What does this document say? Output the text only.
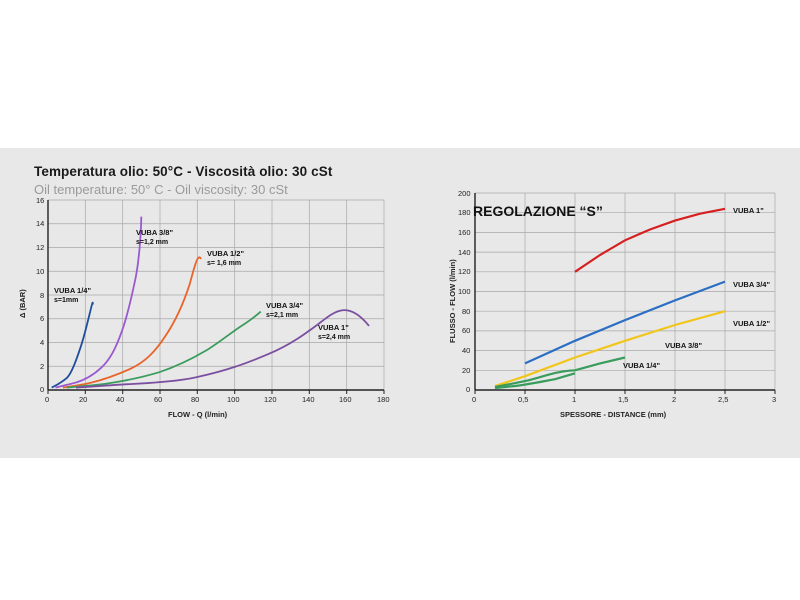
Temperatura olio: 50°C - Viscosità olio: 30 cSt
Oil temperature: 50° C - Oil viscosity: 30 cSt
16
14
12
10
8
6
4
2
0
0	20	40	60	80	100	120	140	160	180
FLOW - Q (l/min)
Δ (BAR)	VUBA 1/4"
s=1mm
VUBA 3/8"
s=1,2 mm
VUBA 1/2"
s= 1,6 mm
VUBA 3/4"
s=2,1 mm
VUBA 1"
s=2,4 mm
200
180
160
140
120
100
80
60
40
20
0
0	0,5	1	1,5	2	2,5	3
SPESSORE - DISTANCE (mm)
FLUSSO - FLOW (l/min)
REGOLAZIONE “S”	VUBA 1"
VUBA 3/4"
VUBA 1/2"
VUBA 3/8"
VUBA 1/4"
